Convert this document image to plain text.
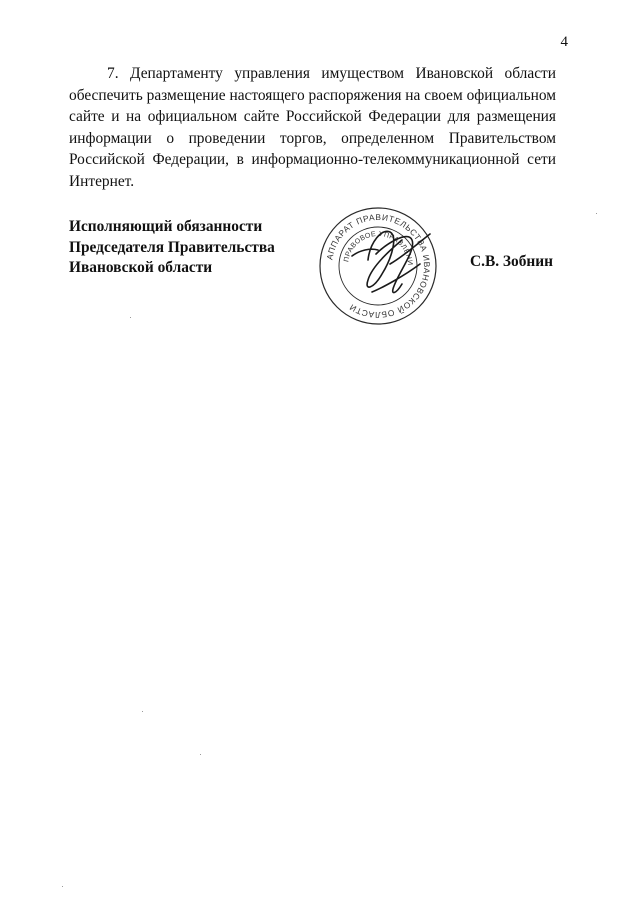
4

7. Департаменту управления имуществом Ивановской области обеспечить размещение настоящего распоряжения на своем официальном сайте и на официальном сайте Российской Федерации для размещения информации о проведении торгов, определенном Правительством Российской Федерации, в информационно-телекоммуникационной сети Интернет.

Исполняющий обязанности
Председателя Правительства
Ивановской области
АППАРАТ ПРАВИТЕЛЬСТВА ИВАНОВСКОЙ ОБЛАСТИ
ПРАВОВОЕ УПРАВЛЕНИ	С.В. Зобнин
